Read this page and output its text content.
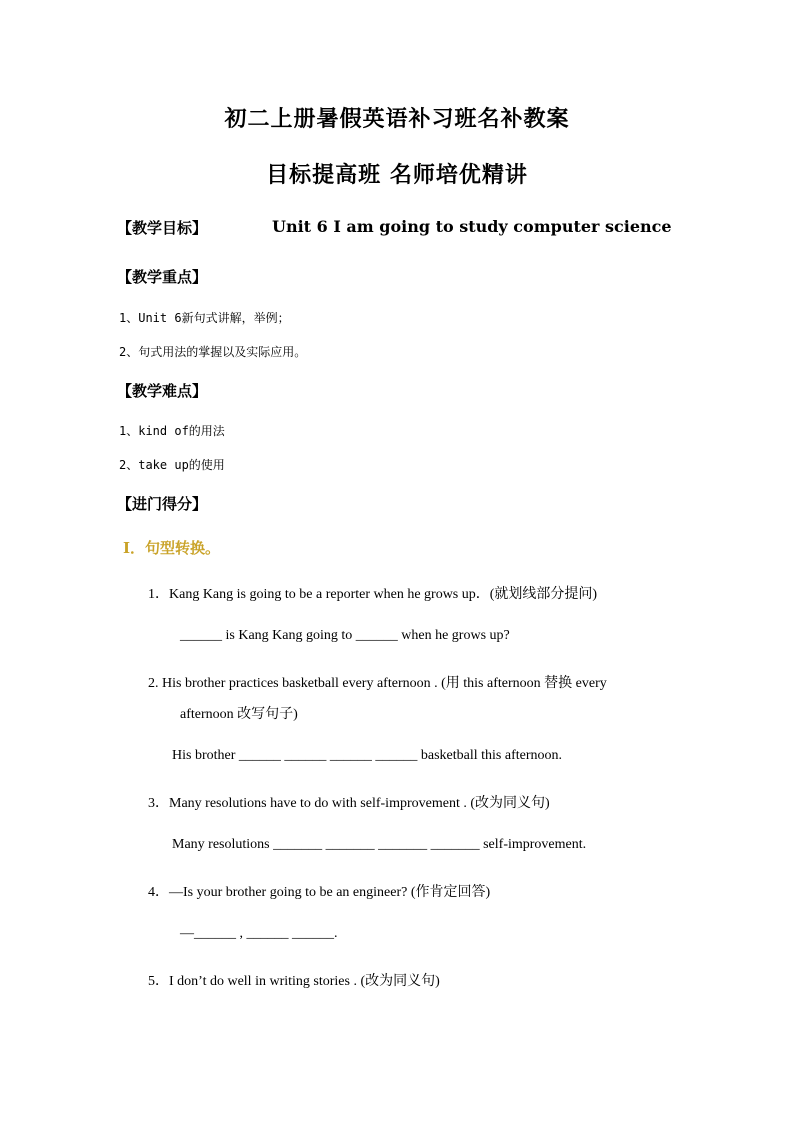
初二上册暑假英语补习班名补教案
目标提高班 名师培优精讲
【教学目标】	Unit 6 I am going to study computer science
【教学重点】
1、Unit 6新句式讲解，举例；
2、句式用法的掌握以及实际应用。
【教学难点】
1、kind of的用法
2、take up的使用
【进门得分】
I．句型转换。
1．Kang Kang is going to be a reporter when he grows up．(就划线部分提问)
______ is Kang Kang going to ______ when he grows up?
2. His brother practices basketball every afternoon . (用 this afternoon 替换 every
afternoon 改写句子)
His brother ______ ______ ______ ______ basketball this afternoon.
3．Many resolutions have to do with self-improvement . (改为同义句)
Many resolutions _______ _______ _______ _______ self-improvement.
4．—Is your brother going to be an engineer? (作肯定回答)
—______ , ______ ______.
5．I don’t do well in writing stories . (改为同义句)
